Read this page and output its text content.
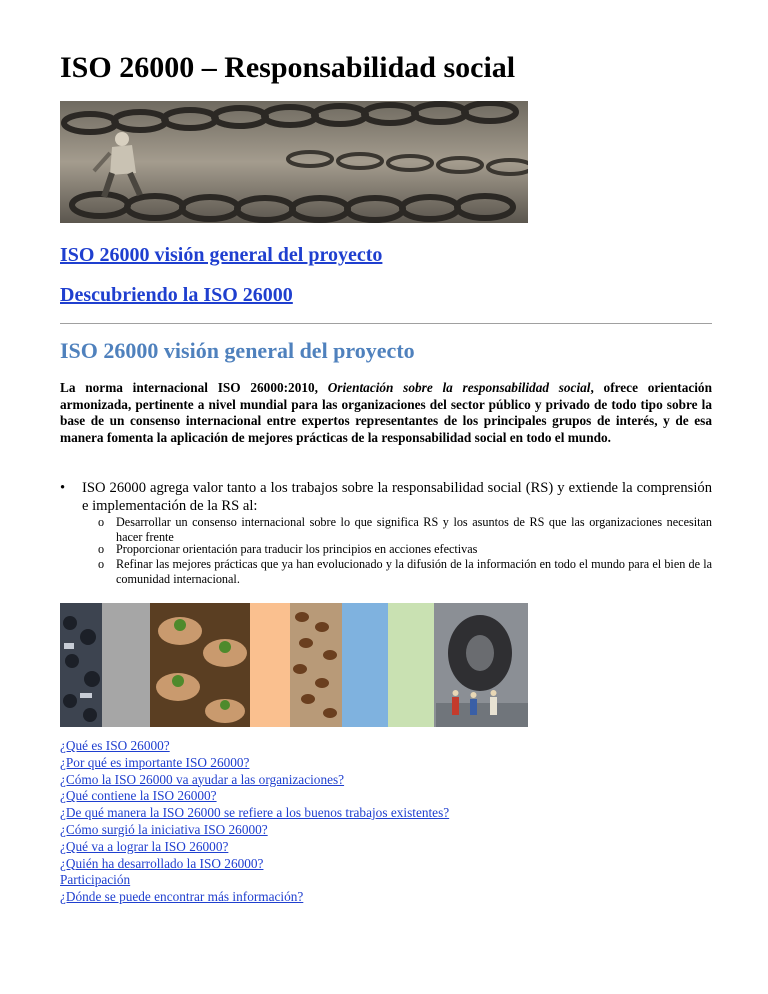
ISO 26000 – Responsabilidad social
ISO 26000 visión general del proyecto
Descubriendo la ISO 26000
ISO 26000 visión general del proyecto

La norma internacional ISO 26000:2010, Orientación sobre la responsabilidad social, ofrece orientación armonizada, pertinente a nivel mundial para las organizaciones del sector público y privado de todo tipo sobre la base de un consenso internacional entre expertos representantes de los principales grupos de interés, y de esa manera fomenta la aplicación de mejores prácticas de la responsabilidad social en todo el mundo.

• ISO 26000 agrega valor tanto a los trabajos sobre la responsabilidad social (RS) y extiende la comprensión e implementación de la RS al:
o Desarrollar un consenso internacional sobre lo que significa RS y los asuntos de RS que las organizaciones necesitan hacer frente
o Proporcionar orientación para traducir los principios en acciones efectivas
o Refinar las mejores prácticas que ya han evolucionado y la difusión de la información en todo el mundo para el bien de la comunidad internacional.
¿Qué es ISO 26000?
¿Por qué es importante ISO 26000?
¿Cómo la ISO 26000 va ayudar a las organizaciones?
¿Qué contiene la ISO 26000?
¿De qué manera la ISO 26000 se refiere a los buenos trabajos existentes?
¿Cómo surgió la iniciativa ISO 26000?
¿Qué va a lograr la ISO 26000?
¿Quién ha desarrollado la ISO 26000?
Participación
¿Dónde se puede encontrar más información?
